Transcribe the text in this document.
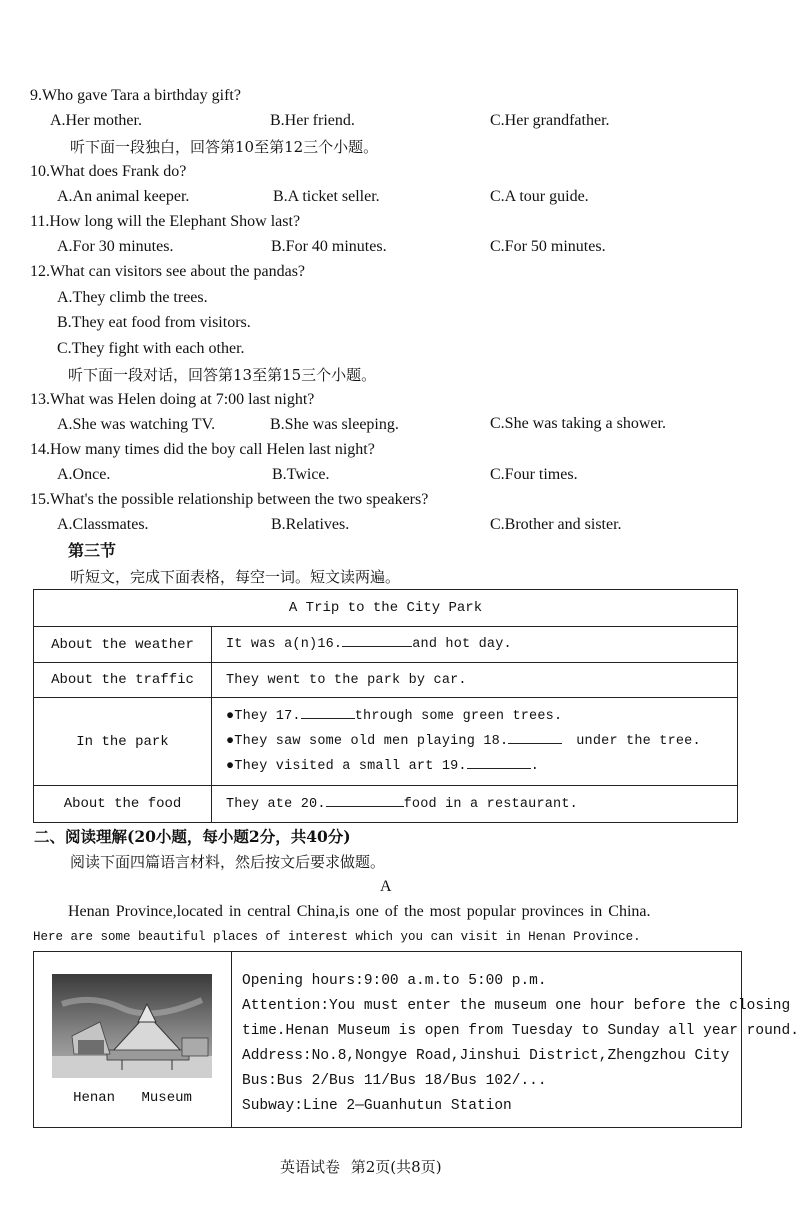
9.Who gave Tara a birthday gift?
A.Her mother.	B.Her friend.	C.Her grandfather.
听下面一段独白，回答第10至第12三个小题。
10.What does Frank do?
A.An animal keeper.	B.A ticket seller.	C.A tour guide.
11.How long will the Elephant Show last?
A.For 30 minutes.	B.For 40 minutes.	C.For 50 minutes.
12.What can visitors see about the pandas?
A.They climb the trees.
B.They eat food from visitors.
C.They fight with each other.
听下面一段对话，回答第13至第15三个小题。
13.What was Helen doing at 7:00 last night?
A.She was watching TV.	B.She was sleeping.	C.She was taking a shower.
14.How many times did the boy call Helen last night?
A.Once.	B.Twice.	C.Four times.
15.What's the possible relationship between the two speakers?
A.Classmates.	B.Relatives.	C.Brother and sister.
第三节
听短文，完成下面表格，每空一词。短文读两遍。
A Trip to the City Park	
About the weather	It was a(n)16. and hot day.
About the traffic	They went to the park by car.
In the park	●They 17. through some green trees.
●They saw some old men playing 18. under the tree.
●They visited a small art 19. .

About the food	They ate 20. food in a restaurant.
二、阅读理解(20小题，每小题2分，共40分)
阅读下面四篇语言材料，然后按文后要求做题。
A
Henan Province,located in central China,is one of the most popular provinces in China.
Here are some beautiful places of interest which you can visit in Henan Province.
Henan Museum
Opening hours:9:00 a.m.to 5:00 p.m.
Attention:You must enter the museum one hour before the closing
time.Henan Museum is open from Tuesday to Sunday all year round.
Address:No.8,Nongye Road,Jinshui District,Zhengzhou City
Bus:Bus 2/Bus 11/Bus 18/Bus 102/...
Subway:Line 2—Guanhutun Station
英语试卷 第2页(共8页)
